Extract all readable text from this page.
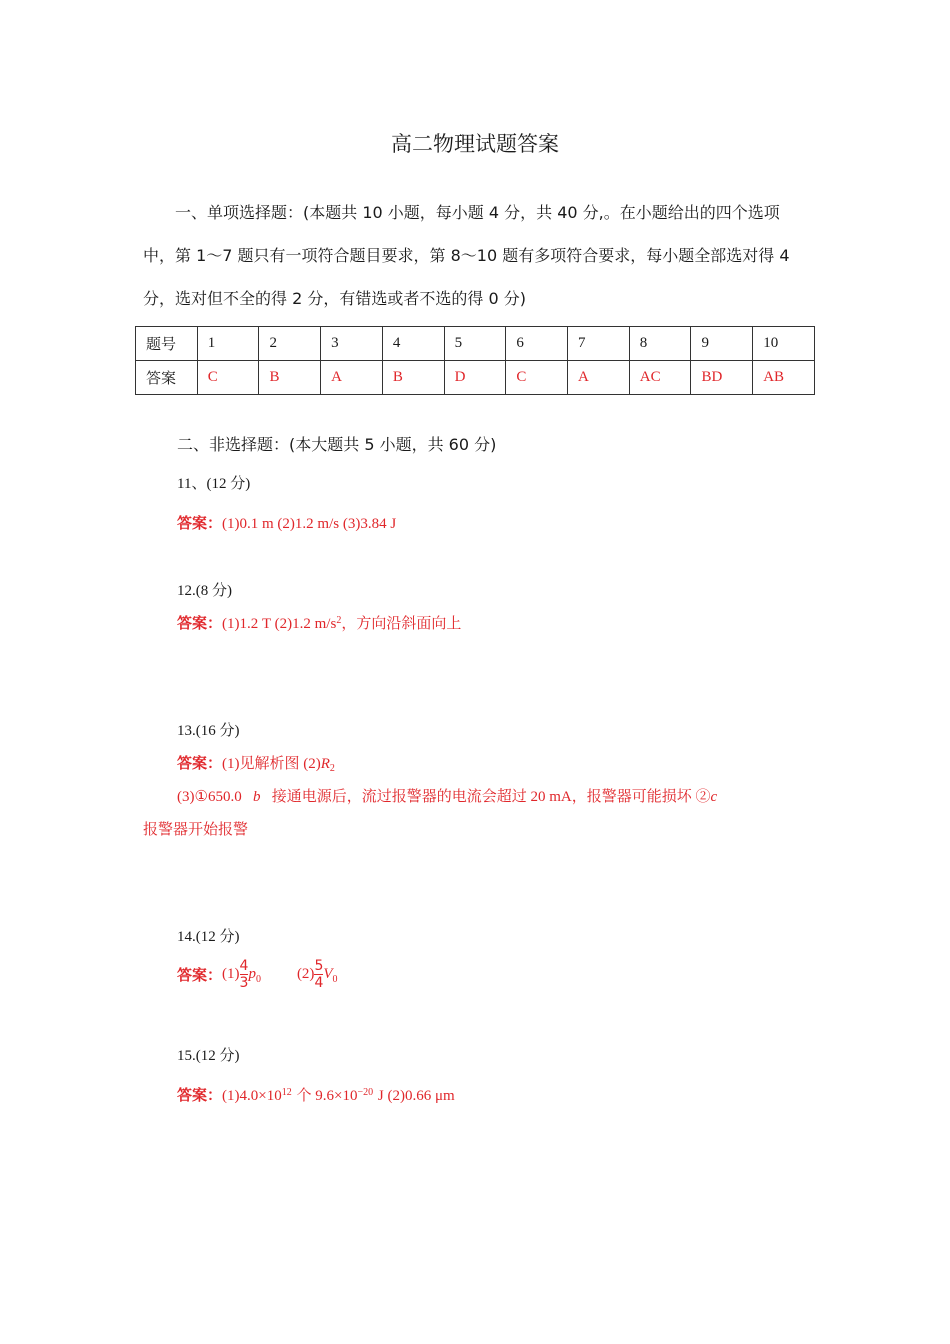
高二物理试题答案
一、单项选择题：(本题共 10 小题，每小题 4 分，共 40 分,。在小题给出的四个选项
中，第 1～7 题只有一项符合题目要求，第 8～10 题有多项符合要求，每小题全部选对得 4
分，选对但不全的得 2 分，有错选或者不选的得 0 分)
题号	1	2	3	4	5	6	7	8	9	10
答案	C	B	A	B	D	C	A	AC	BD	AB
二、非选择题：(本大题共 5 小题，共 60 分)
11、(12 分)
答案：(1)0.1 m (2)1.2 m/s (3)3.84 J
12.(8 分)
答案：(1)1.2 T (2)1.2 $m/s^2$，方向沿斜面向上
13.(16 分)
答案：(1)见解析图 $(2)R_2$
(3)①650.0 b 接通电源后，流过报警器的电流会超过 20 mA，报警器可能损坏 ②c
报警器开始报警
14.(12 分)
答案：$(1) \frac{4}{3} p_0$ $(2) \frac{5}{4} V_0$
15.(12 分)
答案：$(1)4.0\times 10^{12}$ 个 $9.6\times 10^{-20}$ J (2)0.66 μm
